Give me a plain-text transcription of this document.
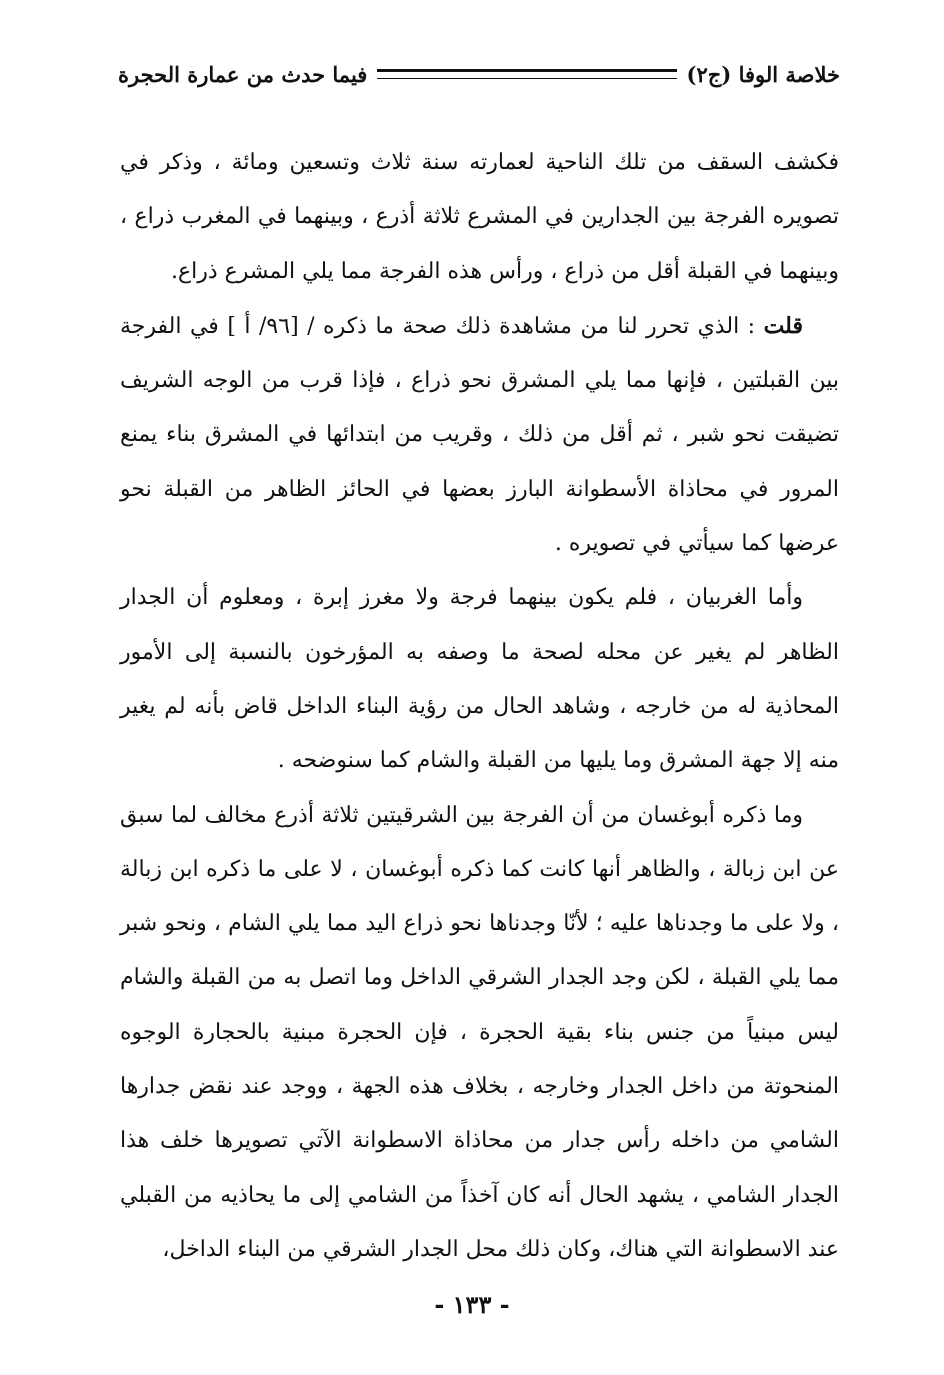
خلاصة الوفا (ج٢)
فيما حدث من عمارة الحجرة

فكشف السقف من تلك الناحية لعمارته سنة ثلاث وتسعين ومائة ، وذكر في تصويره الفرجة بين الجدارين في المشرع ثلاثة أذرع ، وبينهما في المغرب ذراع ، وبينهما في القبلة أقل من ذراع ، ورأس هذه الفرجة مما يلي المشرع ذراع.

قلت : الذي تحرر لنا من مشاهدة ذلك صحة ما ذكره / [٩٦/ أ ] في الفرجة بين القبلتين ، فإنها مما يلي المشرق نحو ذراع ، فإذا قرب من الوجه الشريف تضيقت نحو شبر ، ثم أقل من ذلك ، وقريب من ابتدائها في المشرق بناء يمنع المرور في محاذاة الأسطوانة البارز بعضها في الحائز الظاهر من القبلة نحو عرضها كما سيأتي في تصويره .

وأما الغربيان ، فلم يكون بينهما فرجة ولا مغرز إبرة ، ومعلوم أن الجدار الظاهر لم يغير عن محله لصحة ما وصفه به المؤرخون بالنسبة إلى الأمور المحاذية له من خارجه ، وشاهد الحال من رؤية البناء الداخل قاض بأنه لم يغير منه إلا جهة المشرق وما يليها من القبلة والشام كما سنوضحه .

وما ذكره أبوغسان من أن الفرجة بين الشرقيتين ثلاثة أذرع مخالف لما سبق عن ابن زبالة ، والظاهر أنها كانت كما ذكره أبوغسان ، لا على ما ذكره ابن زبالة ، ولا على ما وجدناها عليه ؛ لأنّا وجدناها نحو ذراع اليد مما يلي الشام ، ونحو شبر مما يلي القبلة ، لكن وجد الجدار الشرقي الداخل وما اتصل به من القبلة والشام ليس مبنياً من جنس بناء بقية الحجرة ، فإن الحجرة مبنية بالحجارة الوجوه المنحوتة من داخل الجدار وخارجه ، بخلاف هذه الجهة ، ووجد عند نقض جدارها الشامي من داخله رأس جدار من محاذاة الاسطوانة الآتي تصويرها خلف هذا الجدار الشامي ، يشهد الحال أنه كان آخذاً من الشامي إلى ما يحاذيه من القبلي عند الاسطوانة التي هناك، وكان ذلك محل الجدار الشرقي من البناء الداخل،

- ١٣٣ -
